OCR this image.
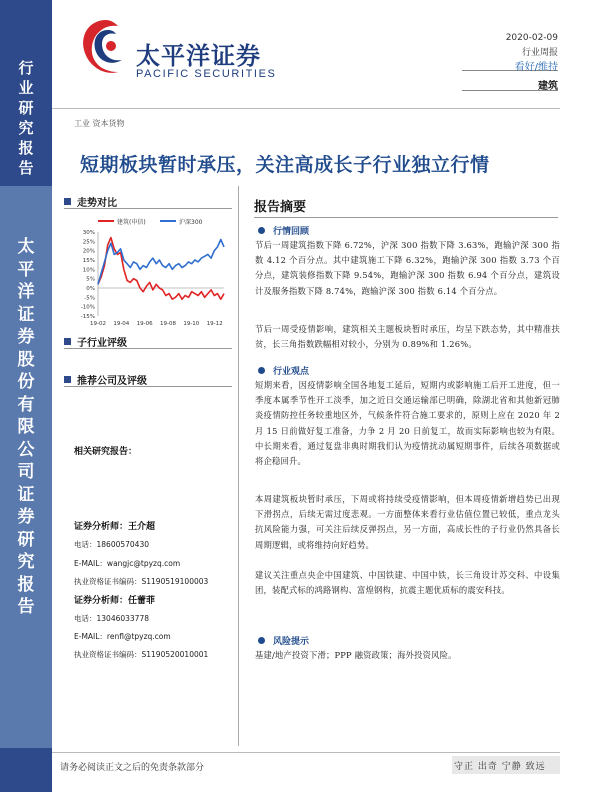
行业研究报告
太平洋证券股份有限公司证券研究报告
太平洋证券
PACIFIC SECURITIES
2020-02-09
行业周报
看好/维持
建筑
工业 资本货物
短期板块暂时承压，关注高成长子行业独立行情
走势对比
建筑(申信)	沪深300
30%
25%
20%
15%
10%
5%
0%
-5%
-10%
-15%
19-02 19-04 19-06 19-08 19-10 19-12
子行业评级
推荐公司及评级
相关研究报告：
证券分析师：王介超
电话：18600570430
E-MAIL：wangjc@tpyzq.com
执业资格证书编码：S1190519100003
证券分析师：任蕾菲
电话：13046033778
E-MAIL：renfl@tpyzq.com
执业资格证书编码：S1190520010001
报告摘要
行情回顾
节后一周建筑指数下降 6.72%，沪深 300 指数下降 3.63%，跑输沪深 300 指数 4.12 个百分点。其中建筑施工下降 6.32%，跑输沪深 300 指数 3.73 个百分点，建筑装修指数下降 9.54%，跑输沪深 300 指数 6.94 个百分点，建筑设计及服务指数下降 8.74%，跑输沪深 300 指数 6.14 个百分点。
节后一周受疫情影响，建筑相关主题板块暂时承压，均呈下跌态势，其中精准扶贫，长三角指数跌幅相对较小，分别为 0.89%和 1.26%。
行业观点
短期来看，因疫情影响全国各地复工延后，短期内或影响施工后开工进度，但一季度本属季节性开工淡季，加之近日交通运输部已明确，除湖北省和其他新冠肺炎疫情防控任务较重地区外，气候条件符合施工要求的，原则上应在 2020 年 2 月 15 日前做好复工准备，力争 2 月 20 日前复工，故而实际影响也较为有限。中长期来看，通过复盘非典时期我们认为疫情扰动属短期事件，后续各项数据或将企稳回升。
本周建筑板块暂时承压，下周或将持续受疫情影响，但本周疫情新增趋势已出现下滑拐点，后续无需过度悲观。一方面整体来看行业估值位置已较低，重点龙头抗风险能力强，可关注后续反弹拐点，另一方面，高成长性的子行业仍然具备长周期逻辑，或将维持向好趋势。
建议关注重点央企中国建筑、中国铁建、中国中铁，长三角设计苏交科、中设集团，装配式标的鸿路钢构、富煌钢构，抗震主题优质标的震安科技。
风险提示
基建/地产投资下滑；PPP 融资政策；海外投资风险。
请务必阅读正文之后的免责条款部分	守正 出奇 宁静 致远
